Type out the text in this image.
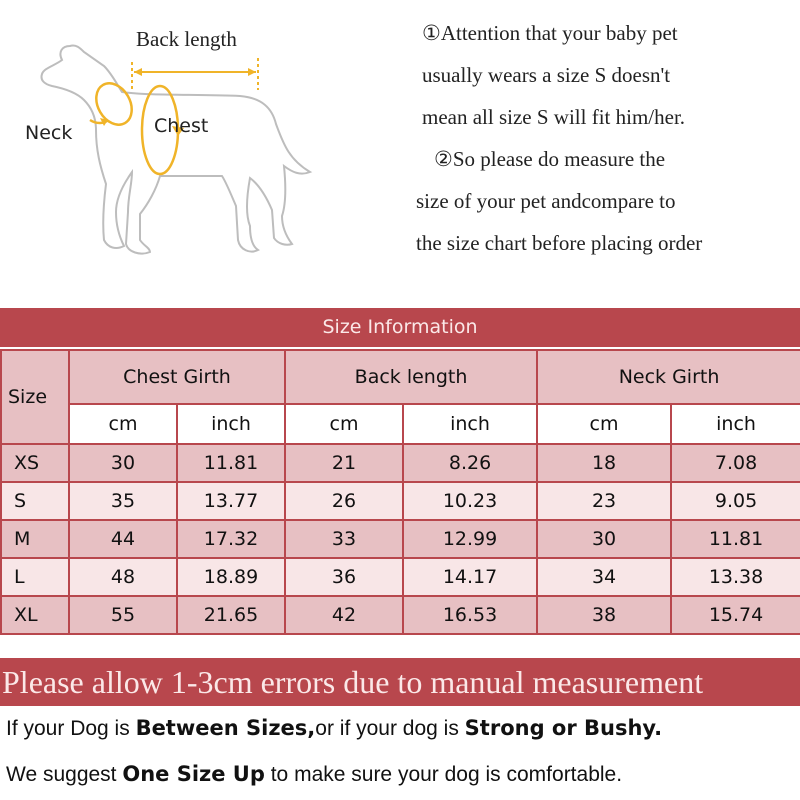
Back length
Neck	Chest
①Attention that your baby pet
usually wears a size S doesn't
mean all size S will fit him/her.
②So please do measure the
size of your pet andcompare to
the size chart before placing order
Size Information
Size	Chest Girth		Back length		Neck Girth	
	cm	inch	cm	inch	cm	inch
XS	30	11.81	21	8.26	18	7.08
S	35	13.77	26	10.23	23	9.05
M	44	17.32	33	12.99	30	11.81
L	48	18.89	36	14.17	34	13.38
XL	55	21.65	42	16.53	38	15.74
Please allow 1-3cm errors due to manual measurement
If your Dog is Between Sizes,or if your dog is Strong or Bushy.
We suggest One Size Up to make sure your dog is comfortable.
